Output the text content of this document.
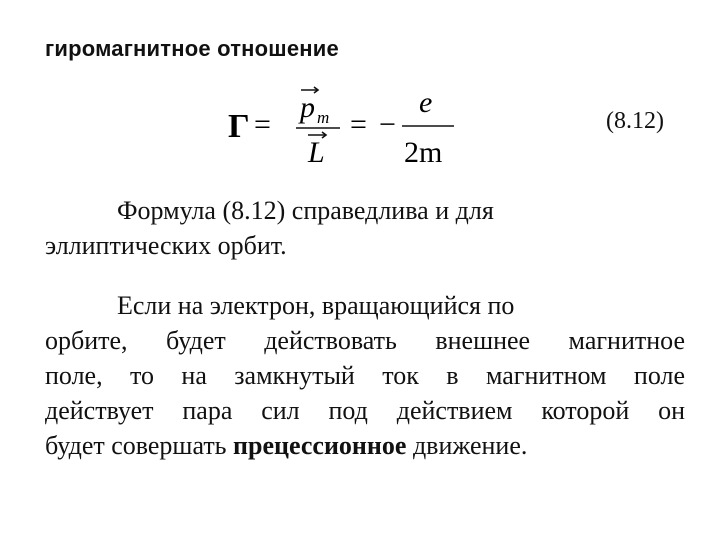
гиромагнитное отношение
Г =
p m
L
= −
e
2m
(8.12)
Формула (8.12) справедлива и для
эллиптических орбит.
Если на электрон, вращающийся по
орбите, будет действовать внешнее магнитное
поле, то на замкнутый ток в магнитном поле
действует пара сил под действием которой он
будет совершать прецессионное движение.
